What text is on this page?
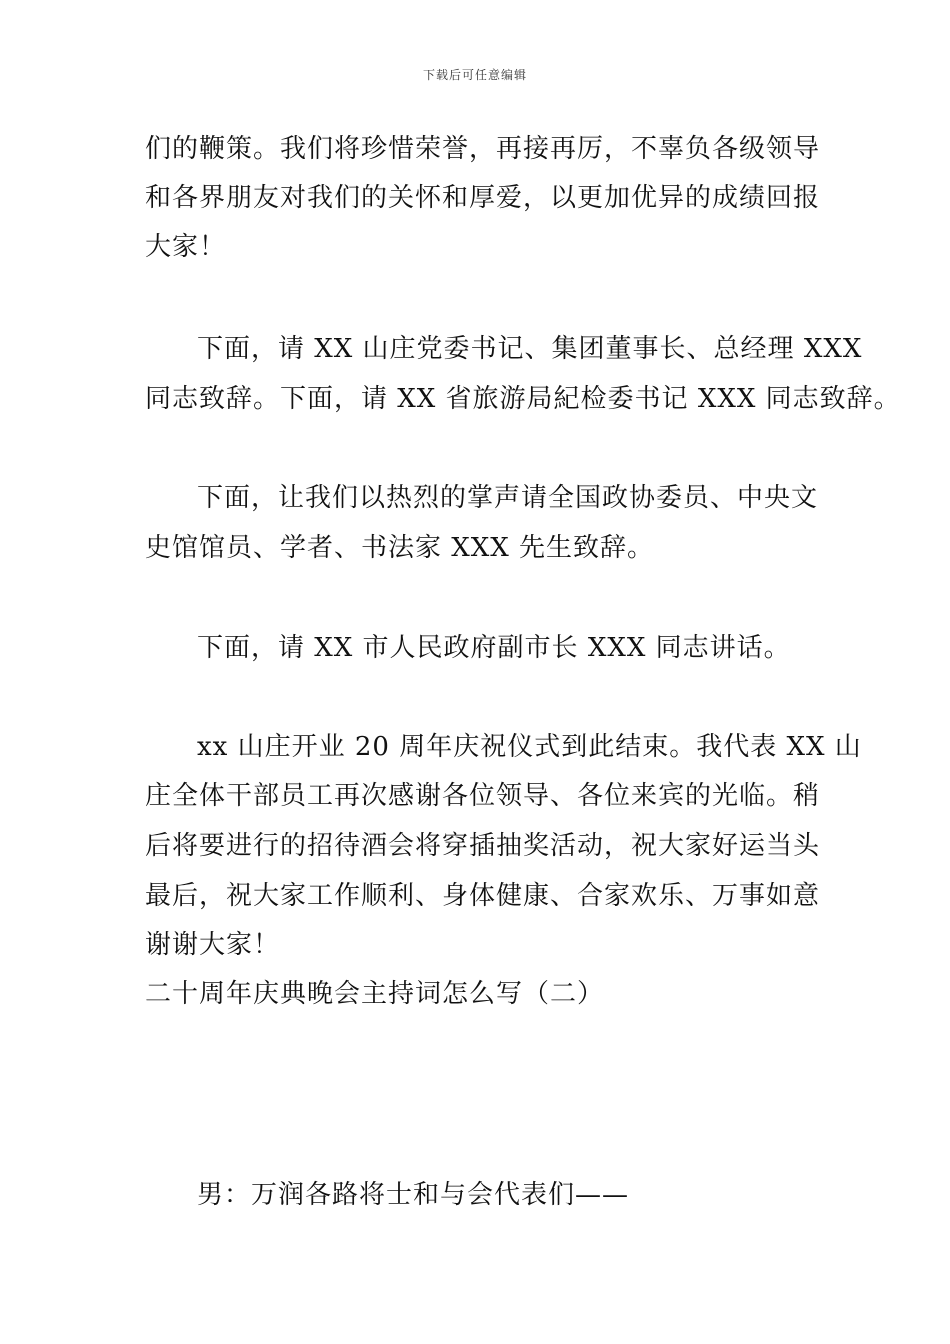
下载后可任意编辑
们的鞭策。我们将珍惜荣誉，再接再厉，不辜负各级领导
和各界朋友对我们的关怀和厚爱，以更加优异的成绩回报
大家！
下面，请 XX 山庄党委书记、集团董事长、总经理 XXX
同志致辞。下面，请 XX 省旅游局紀检委书记 XXX 同志致辞。
下面，让我们以热烈的掌声请全国政协委员、中央文
史馆馆员、学者、书法家 XXX 先生致辞。
下面，请 XX 市人民政府副市长 XXX 同志讲话。
xx 山庄开业 20 周年庆祝仪式到此结束。我代表 XX 山
庄全体干部员工再次感谢各位领导、各位来宾的光临。稍
后将要进行的招待酒会将穿插抽奖活动，祝大家好运当头
最后，祝大家工作顺利、身体健康、合家欢乐、万事如意
谢谢大家！
二十周年庆典晚会主持词怎么写（二）
男：万润各路将士和与会代表们——
